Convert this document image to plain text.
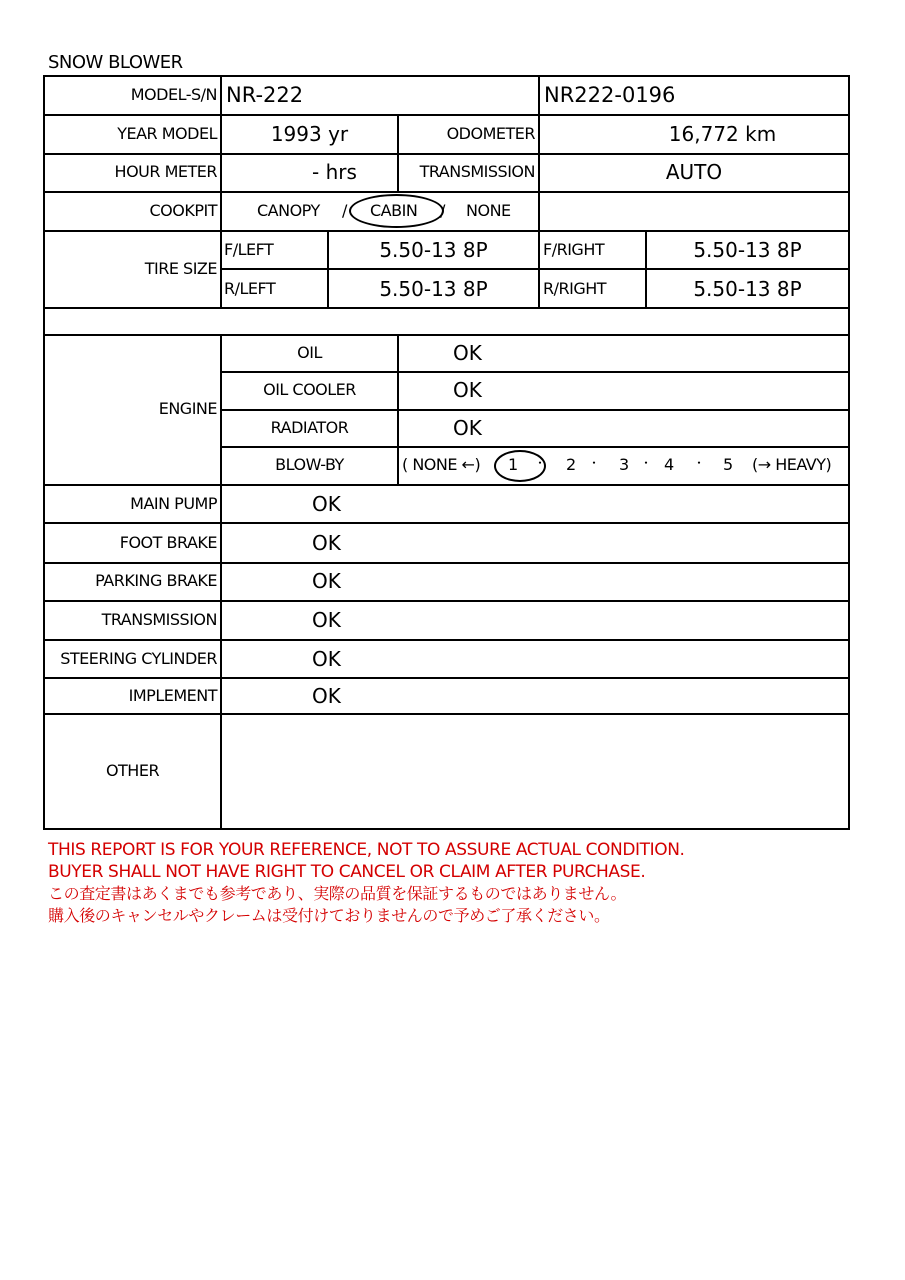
SNOW BLOWER
MODEL-S/N NR-222	NR222-0196
YEAR MODEL	1993 yr	ODOMETER	16,772 km
HOUR METER	- hrs	TRANSMISSION	AUTO
COOKPIT	CANOPY / CABIN / NONE
TIRE SIZE
F/LEFT	5.50-13 8P	F/RIGHT	5.50-13 8P
R/LEFT	5.50-13 8P	R/RIGHT	5.50-13 8P
ENGINE
OIL	OK
OIL COOLER	OK
RADIATOR	OK
BLOW-BY	( NONE ←) 1 ・ 2 ・ 3 ・ 4 ・ 5 (→ HEAVY)
MAIN PUMP	OK
FOOT BRAKE	OK
PARKING BRAKE	OK
TRANSMISSION	OK
STEERING CYLINDER	OK
IMPLEMENT	OK
OTHER
THIS REPORT IS FOR YOUR REFERENCE, NOT TO ASSURE ACTUAL CONDITION.
BUYER SHALL NOT HAVE RIGHT TO CANCEL OR CLAIM AFTER PURCHASE.
この査定書はあくまでも参考であり、実際の品質を保証するものではありません。
購入後のキャンセルやクレームは受付けておりませんので予めご了承ください。
